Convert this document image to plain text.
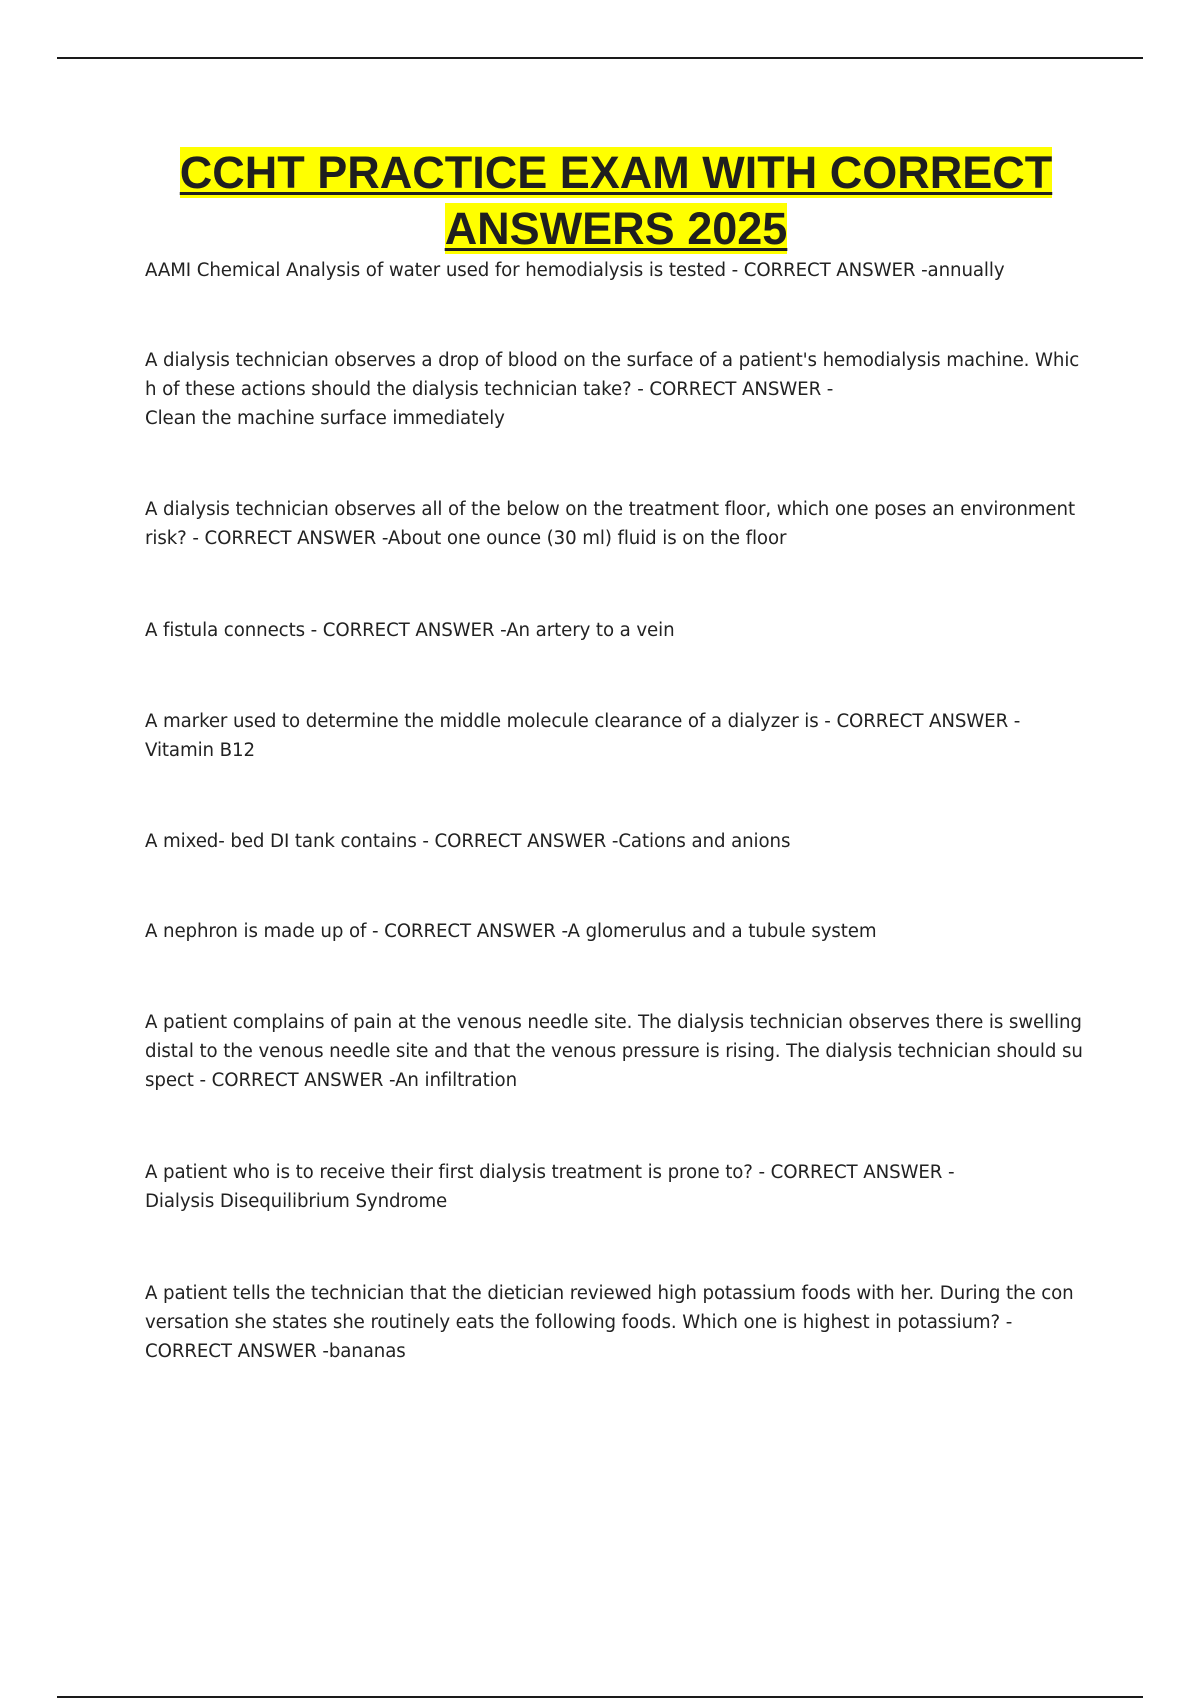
CCHT PRACTICE EXAM WITH CORRECT ANSWERS 2025
AAMI Chemical Analysis of water used for hemodialysis is tested - CORRECT ANSWER -annually
A dialysis technician observes a drop of blood on the surface of a patient's hemodialysis machine. Whic
h of these actions should the dialysis technician take? - CORRECT ANSWER -
Clean the machine surface immediately
A dialysis technician observes all of the below on the treatment floor, which one poses an environment
risk? - CORRECT ANSWER -About one ounce (30 ml) fluid is on the floor
A fistula connects - CORRECT ANSWER -An artery to a vein
A marker used to determine the middle molecule clearance of a dialyzer is - CORRECT ANSWER -
Vitamin B12
A mixed- bed DI tank contains - CORRECT ANSWER -Cations and anions
A nephron is made up of - CORRECT ANSWER -A glomerulus and a tubule system
A patient complains of pain at the venous needle site. The dialysis technician observes there is swelling
distal to the venous needle site and that the venous pressure is rising. The dialysis technician should su
spect - CORRECT ANSWER -An infiltration
A patient who is to receive their first dialysis treatment is prone to? - CORRECT ANSWER -
Dialysis Disequilibrium Syndrome
A patient tells the technician that the dietician reviewed high potassium foods with her. During the con
versation she states she routinely eats the following foods. Which one is highest in potassium? -
CORRECT ANSWER -bananas
